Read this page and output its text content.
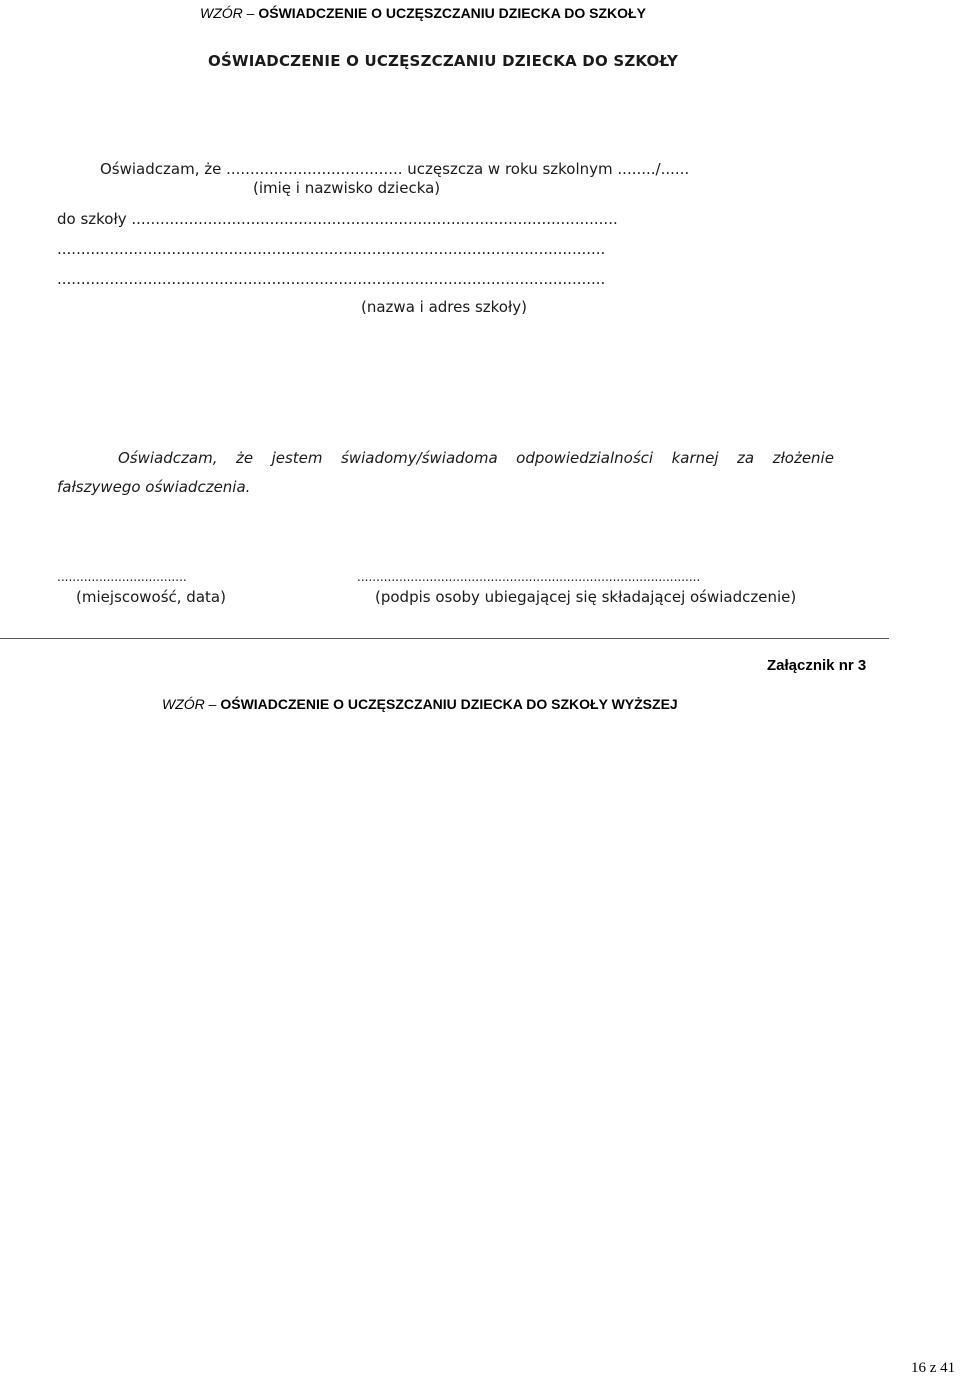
WZÓR – OŚWIADCZENIE O UCZĘSZCZANIU DZIECKA DO SZKOŁY
OŚWIADCZENIE O UCZĘSZCZANIU DZIECKA DO SZKOŁY
Oświadczam, że ..................................... uczęszcza w roku szkolnym ......../......
(imię i nazwisko dziecka)
do szkoły ......................................................................................................
...................................................................................................................
...................................................................................................................
(nazwa i adres szkoły)
Oświadczam, że jestem świadomy/świadoma odpowiedzialności karnej za złożenie
fałszywego oświadczenia.
..................................
(miejscowość, data)
..........................................................................................
(podpis osoby ubiegającej się składającej oświadczenie)
Załącznik nr 3
WZÓR – OŚWIADCZENIE O UCZĘSZCZANIU DZIECKA DO SZKOŁY WYŻSZEJ
16 z 41
